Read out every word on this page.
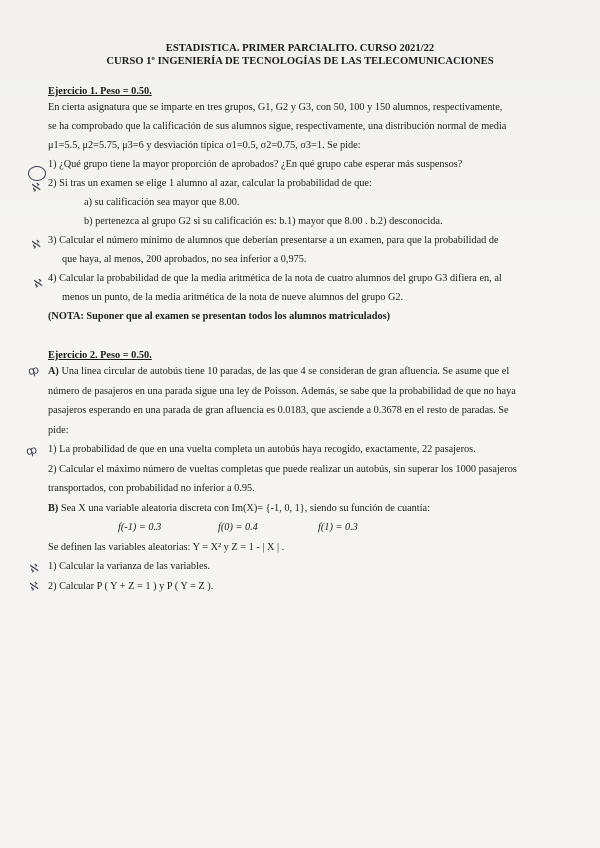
ESTADISTICA. PRIMER PARCIALITO. CURSO 2021/22
CURSO 1º INGENIERÍA DE TECNOLOGÍAS DE LAS TELECOMUNICACIONES

Ejercicio 1. Peso = 0.50.

En cierta asignatura que se imparte en tres grupos, G1, G2 y G3, con 50, 100 y 150 alumnos, respectivamente,

se ha comprobado que la calificación de sus alumnos sigue, respectivamente, una distribución normal de media

μ1=5.5, μ2=5.75, μ3=6 y desviación típica σ1=0.5, σ2=0.75, σ3=1. Se pide:

1) ¿Qué grupo tiene la mayor proporción de aprobados? ¿En qué grupo cabe esperar más suspensos?

2) Si tras un examen se elige 1 alumno al azar, calcular la probabilidad de que:

a) su calificación sea mayor que 8.00.

b) pertenezca al grupo G2 si su calificación es: b.1) mayor que 8.00 . b.2) desconocida.

3) Calcular el número mínimo de alumnos que deberían presentarse a un examen, para que la probabilidad de

que haya, al menos, 200 aprobados, no sea inferior a 0,975.

4) Calcular la probabilidad de que la media aritmética de la nota de cuatro alumnos del grupo G3 difiera en, al

menos un punto, de la media aritmética de la nota de nueve alumnos del grupo G2.

(NOTA: Suponer que al examen se presentan todos los alumnos matriculados)

Ejercicio 2. Peso = 0.50.

A) Una línea circular de autobús tiene 10 paradas, de las que 4 se consideran de gran afluencia. Se asume que el

número de pasajeros en una parada sigue una ley de Poisson. Además, se sabe que la probabilidad de que no haya

pasajeros esperando en una parada de gran afluencia es 0.0183, que asciende a 0.3678 en el resto de paradas. Se

pide:

1) La probabilidad de que en una vuelta completa un autobús haya recogido, exactamente, 22 pasajeros.

2) Calcular el máximo número de vueltas completas que puede realizar un autobús, sin superar los 1000 pasajeros

transportados, con probabilidad no inferior a 0.95.

B) Sea X una variable aleatoria discreta con Im(X)= {-1, 0, 1}, siendo su función de cuantía:

f(-1) = 0.3	f(0) = 0.4	f(1) = 0.3

Se definen las variables aleatorias: Y = X² y Z = 1 - | X | .

1) Calcular la varianza de las variables.

2) Calcular P ( Y + Z = 1 ) y P ( Y = Z ).

ℵ
ℵ
ℵ
ȹ
ȹ
ℵ
ℵ
